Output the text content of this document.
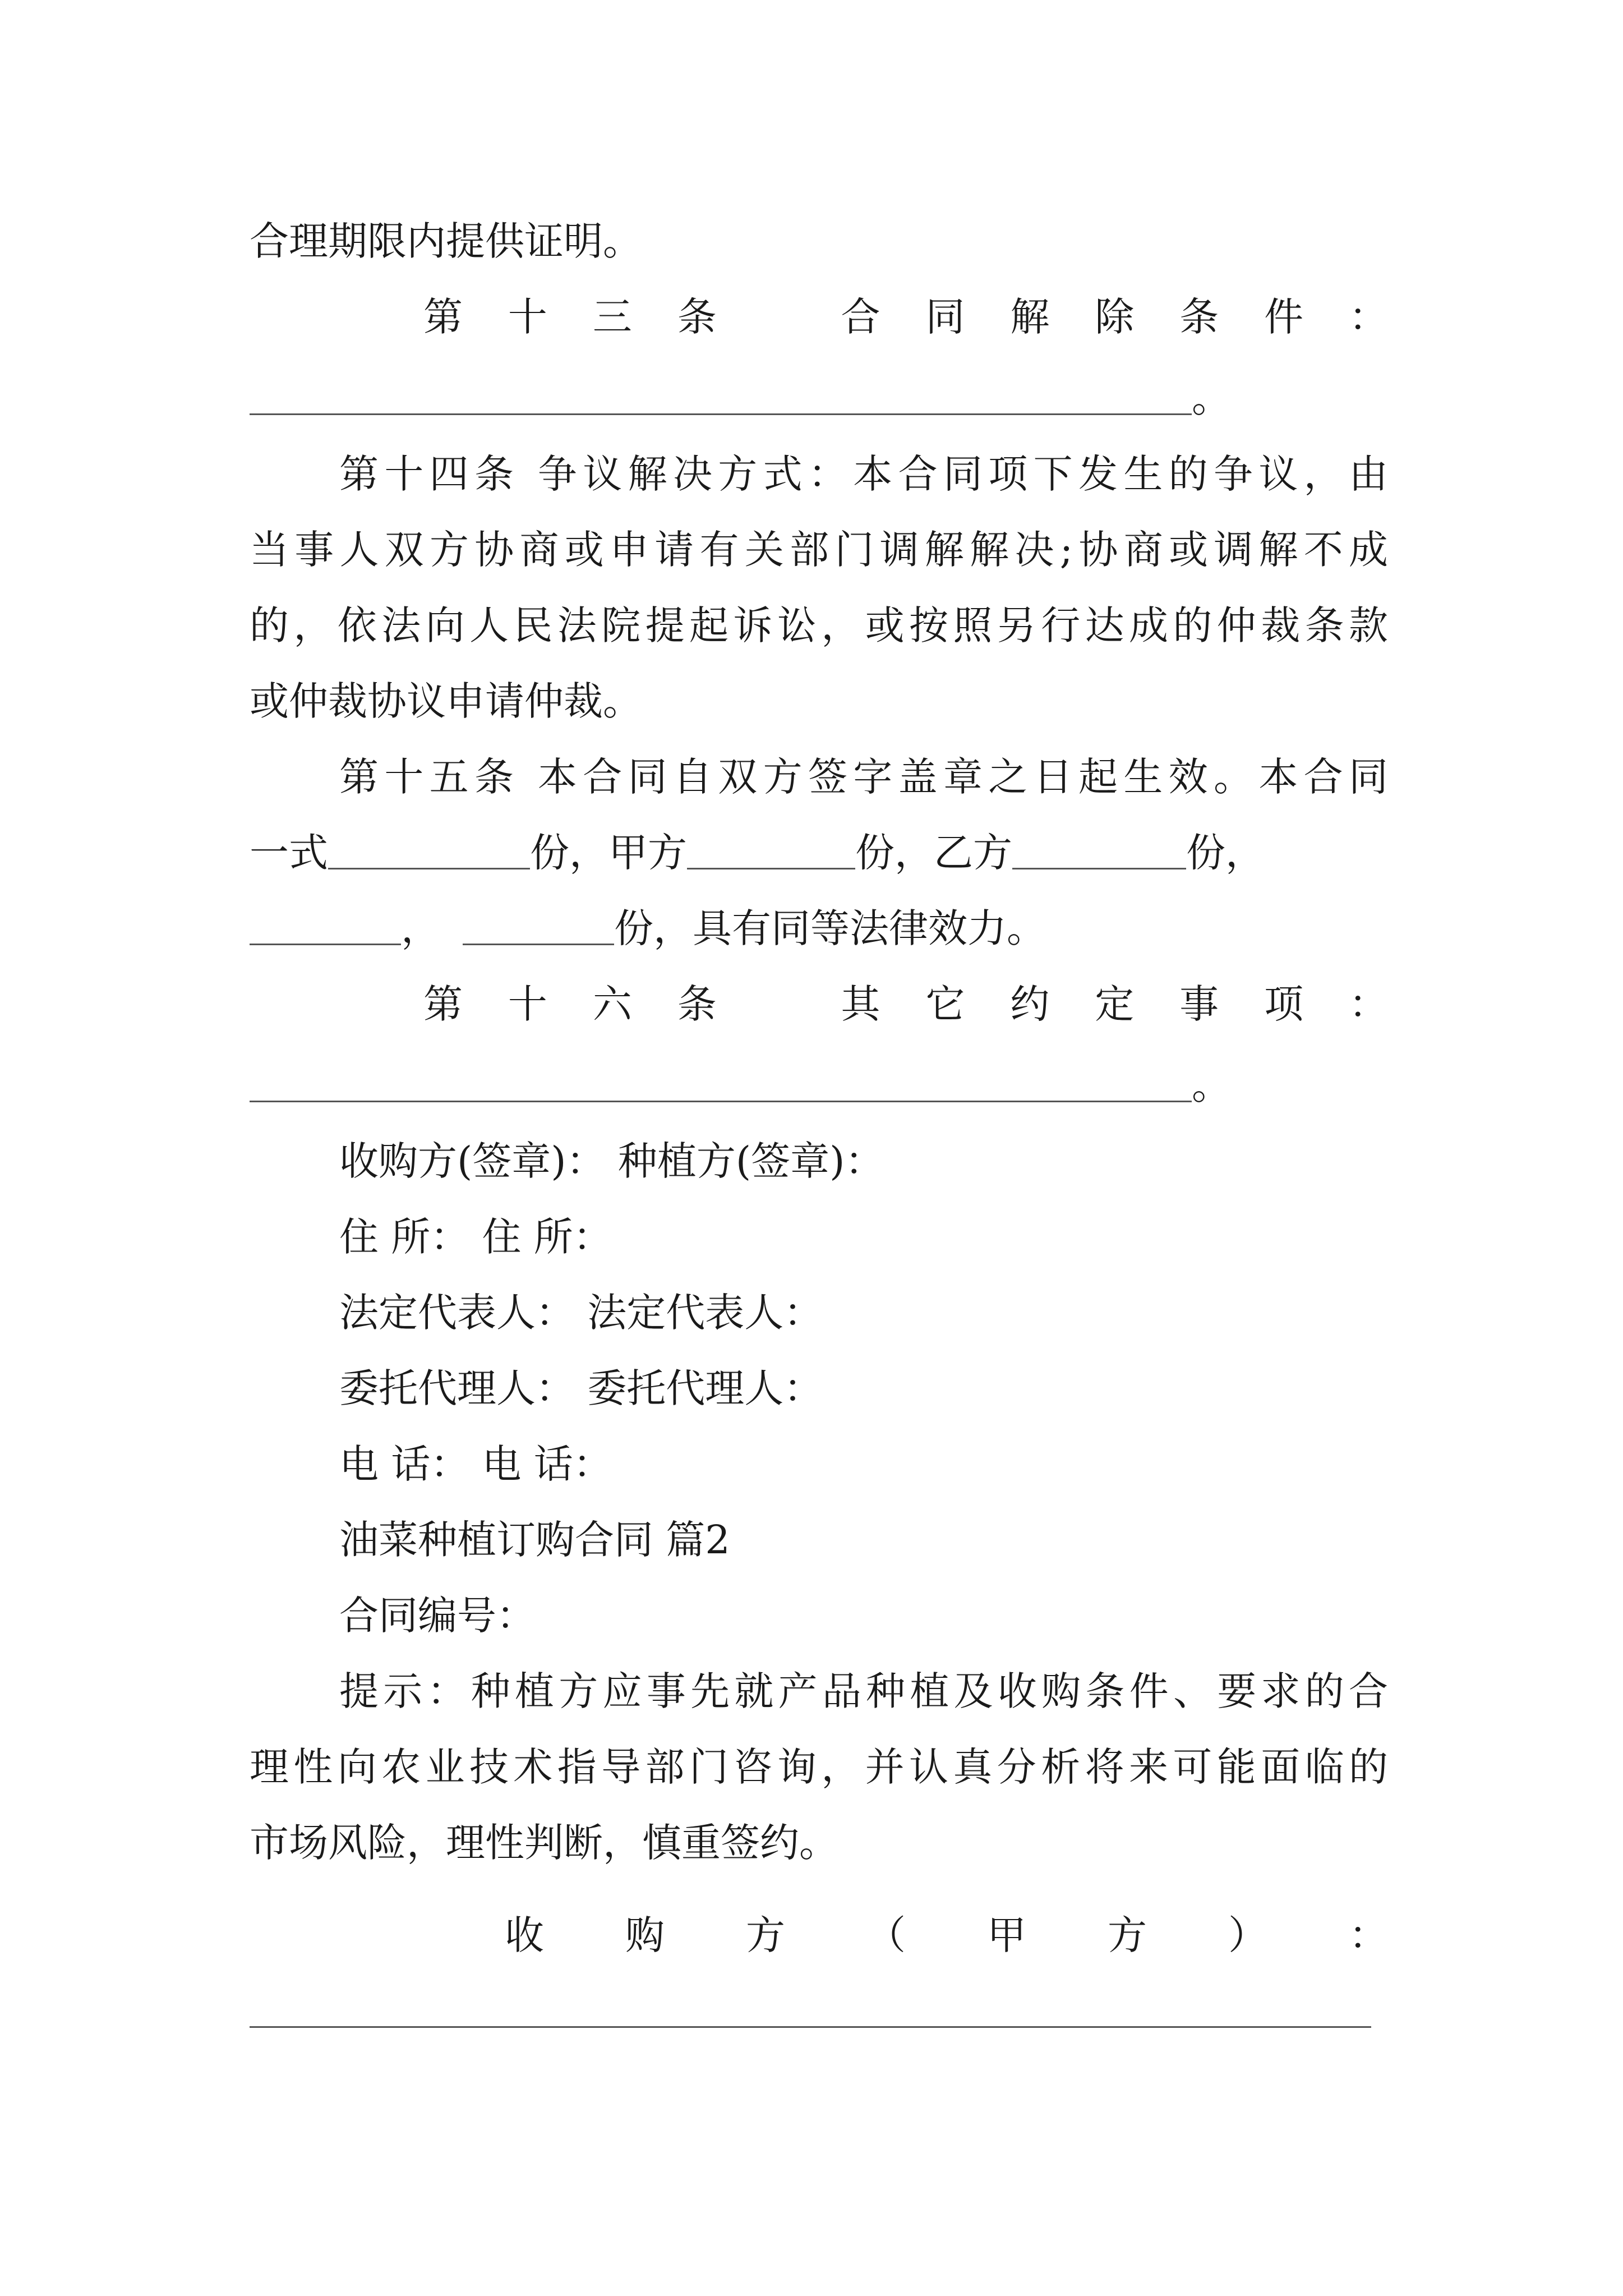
合理期限内提供证明。
第 十 三 条	合 同 解 除 条 件 ：
。
第十四条 争议解决方式：本合同项下发生的争议，由
当事人双方协商或申请有关部门调解解决;协商或调解不成
的，依法向人民法院提起诉讼，或按照另行达成的仲裁条款
或仲裁协议申请仲裁。
第十五条 本合同自双方签字盖章之日起生效。本合同
一式	份，甲方	份，乙方	份，
，	份，具有同等法律效力。
第 十 六 条	其 它 约 定 事 项 ：
。
收购方(签章)： 种植方(签章)：
住 所： 住 所：
法定代表人： 法定代表人：
委托代理人： 委托代理人：
电 话： 电 话：
油菜种植订购合同 篇2
合同编号：
提示：种植方应事先就产品种植及收购条件、要求的合
理性向农业技术指导部门咨询，并认真分析将来可能面临的
市场风险，理性判断，慎重签约。
收 购 方 （ 甲 方 ） ：
